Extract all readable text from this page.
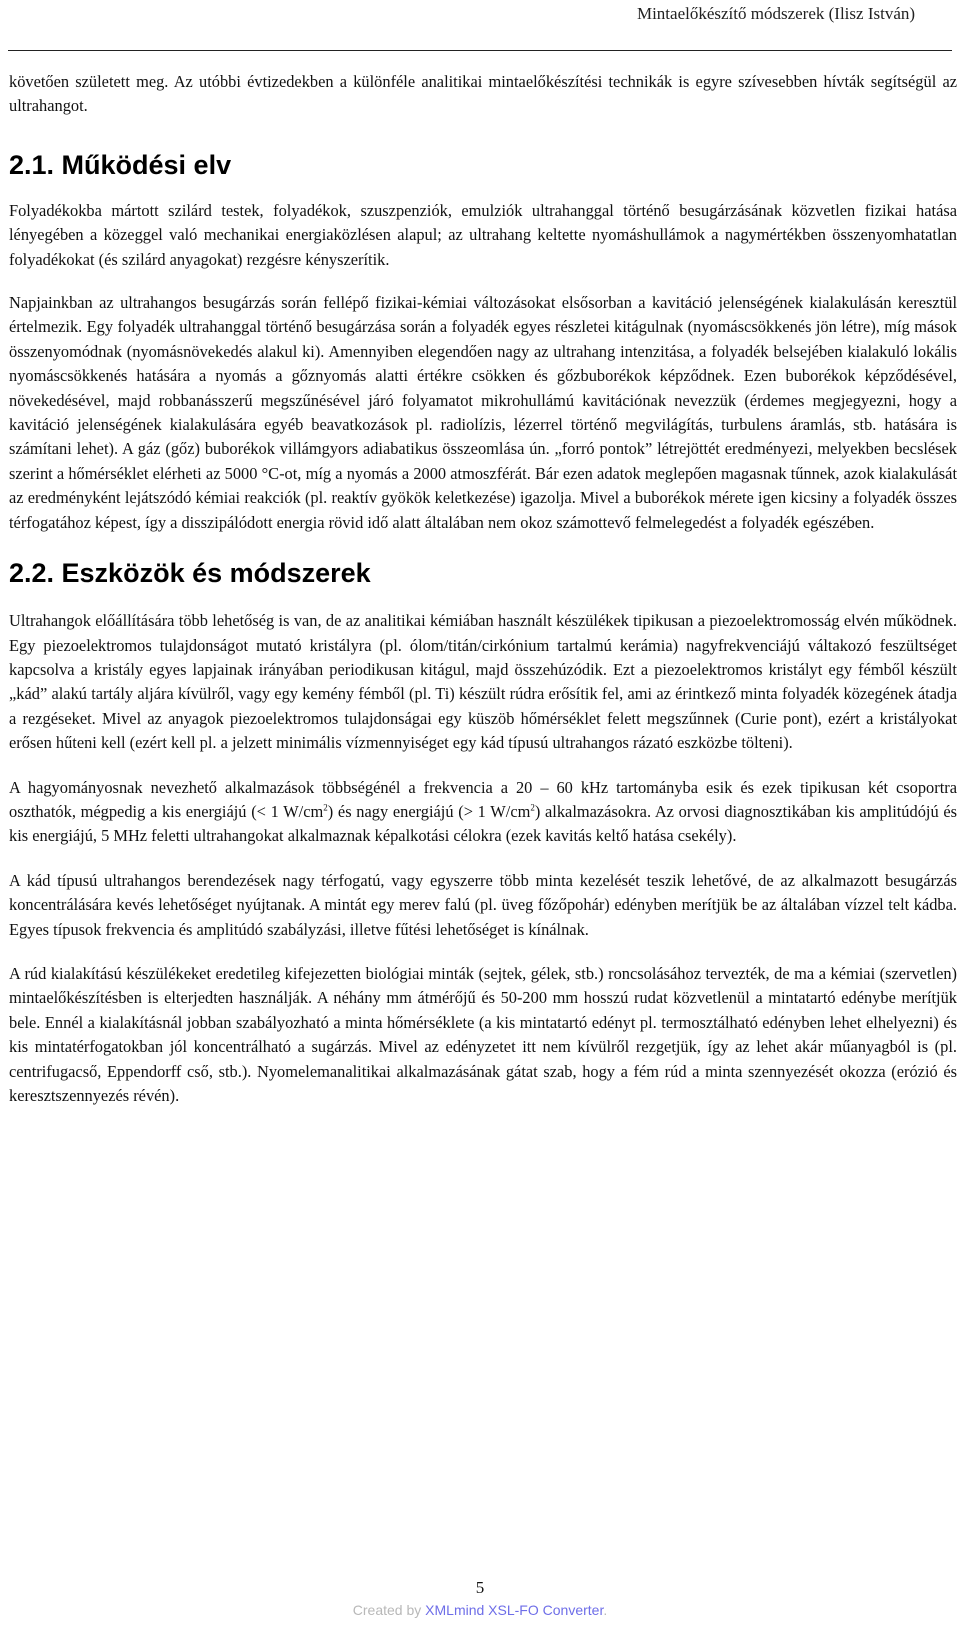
Mintaelőkészítő módszerek (Ilisz István)

követően született meg. Az utóbbi évtizedekben a különféle analitikai mintaelőkészítési technikák is egyre szívesebben hívták segítségül az ultrahangot.

2.1. Működési elv

Folyadékokba mártott szilárd testek, folyadékok, szuszpenziók, emulziók ultrahanggal történő besugárzásának közvetlen fizikai hatása lényegében a közeggel való mechanikai energiaközlésen alapul; az ultrahang keltette nyomáshullámok a nagymértékben összenyomhatatlan folyadékokat (és szilárd anyagokat) rezgésre kényszerítik.

Napjainkban az ultrahangos besugárzás során fellépő fizikai-kémiai változásokat elsősorban a kavitáció jelenségének kialakulásán keresztül értelmezik. Egy folyadék ultrahanggal történő besugárzása során a folyadék egyes részletei kitágulnak (nyomáscsökkenés jön létre), míg mások összenyomódnak (nyomásnövekedés alakul ki). Amennyiben elegendően nagy az ultrahang intenzitása, a folyadék belsejében kialakuló lokális nyomáscsökkenés hatására a nyomás a gőznyomás alatti értékre csökken és gőzbuborékok képződnek. Ezen buborékok képződésével, növekedésével, majd robbanásszerű megszűnésével járó folyamatot mikrohullámú kavitációnak nevezzük (érdemes megjegyezni, hogy a kavitáció jelenségének kialakulására egyéb beavatkozások pl. radiolízis, lézerrel történő megvilágítás, turbulens áramlás, stb. hatására is számítani lehet). A gáz (gőz) buborékok villámgyors adiabatikus összeomlása ún. „forró pontok” létrejöttét eredményezi, melyekben becslések szerint a hőmérséklet elérheti az 5000 °C-ot, míg a nyomás a 2000 atmoszférát. Bár ezen adatok meglepően magasnak tűnnek, azok kialakulását az eredményként lejátszódó kémiai reakciók (pl. reaktív gyökök keletkezése) igazolja. Mivel a buborékok mérete igen kicsiny a folyadék összes térfogatához képest, így a disszipálódott energia rövid idő alatt általában nem okoz számottevő felmelegedést a folyadék egészében.

2.2. Eszközök és módszerek

Ultrahangok előállítására több lehetőség is van, de az analitikai kémiában használt készülékek tipikusan a piezoelektromosság elvén működnek. Egy piezoelektromos tulajdonságot mutató kristályra (pl. ólom/titán/cirkónium tartalmú kerámia) nagyfrekvenciájú váltakozó feszültséget kapcsolva a kristály egyes lapjainak irányában periodikusan kitágul, majd összehúzódik. Ezt a piezoelektromos kristályt egy fémből készült „kád” alakú tartály aljára kívülről, vagy egy kemény fémből (pl. Ti) készült rúdra erősítik fel, ami az érintkező minta folyadék közegének átadja a rezgéseket. Mivel az anyagok piezoelektromos tulajdonságai egy küszöb hőmérséklet felett megszűnnek (Curie pont), ezért a kristályokat erősen hűteni kell (ezért kell pl. a jelzett minimális vízmennyiséget egy kád típusú ultrahangos rázató eszközbe tölteni).

A hagyományosnak nevezhető alkalmazások többségénél a frekvencia a 20 – 60 kHz tartományba esik és ezek tipikusan két csoportra oszthatók, mégpedig a kis energiájú (< 1 $W/cm^2$) és nagy energiájú (> 1 $W/cm^2$) alkalmazásokra. Az orvosi diagnosztikában kis amplitúdójú és kis energiájú, 5 MHz feletti ultrahangokat alkalmaznak képalkotási célokra (ezek kavitás keltő hatása csekély).

A kád típusú ultrahangos berendezések nagy térfogatú, vagy egyszerre több minta kezelését teszik lehetővé, de az alkalmazott besugárzás koncentrálására kevés lehetőséget nyújtanak. A mintát egy merev falú (pl. üveg főzőpohár) edényben merítjük be az általában vízzel telt kádba. Egyes típusok frekvencia és amplitúdó szabályzási, illetve fűtési lehetőséget is kínálnak.

A rúd kialakítású készülékeket eredetileg kifejezetten biológiai minták (sejtek, gélek, stb.) roncsolásához tervezték, de ma a kémiai (szervetlen) mintaelőkészítésben is elterjedten használják. A néhány mm átmérőjű és 50-200 mm hosszú rudat közvetlenül a mintatartó edénybe merítjük bele. Ennél a kialakításnál jobban szabályozható a minta hőmérséklete (a kis mintatartó edényt pl. termosztálható edényben lehet elhelyezni) és kis mintatérfogatokban jól koncentrálható a sugárzás. Mivel az edényzetet itt nem kívülről rezgetjük, így az lehet akár műanyagból is (pl. centrifugacső, Eppendorff cső, stb.). Nyomelemanalitikai alkalmazásának gátat szab, hogy a fém rúd a minta szennyezését okozza (erózió és keresztszennyezés révén).

5
Created by XMLmind XSL-FO Converter.
